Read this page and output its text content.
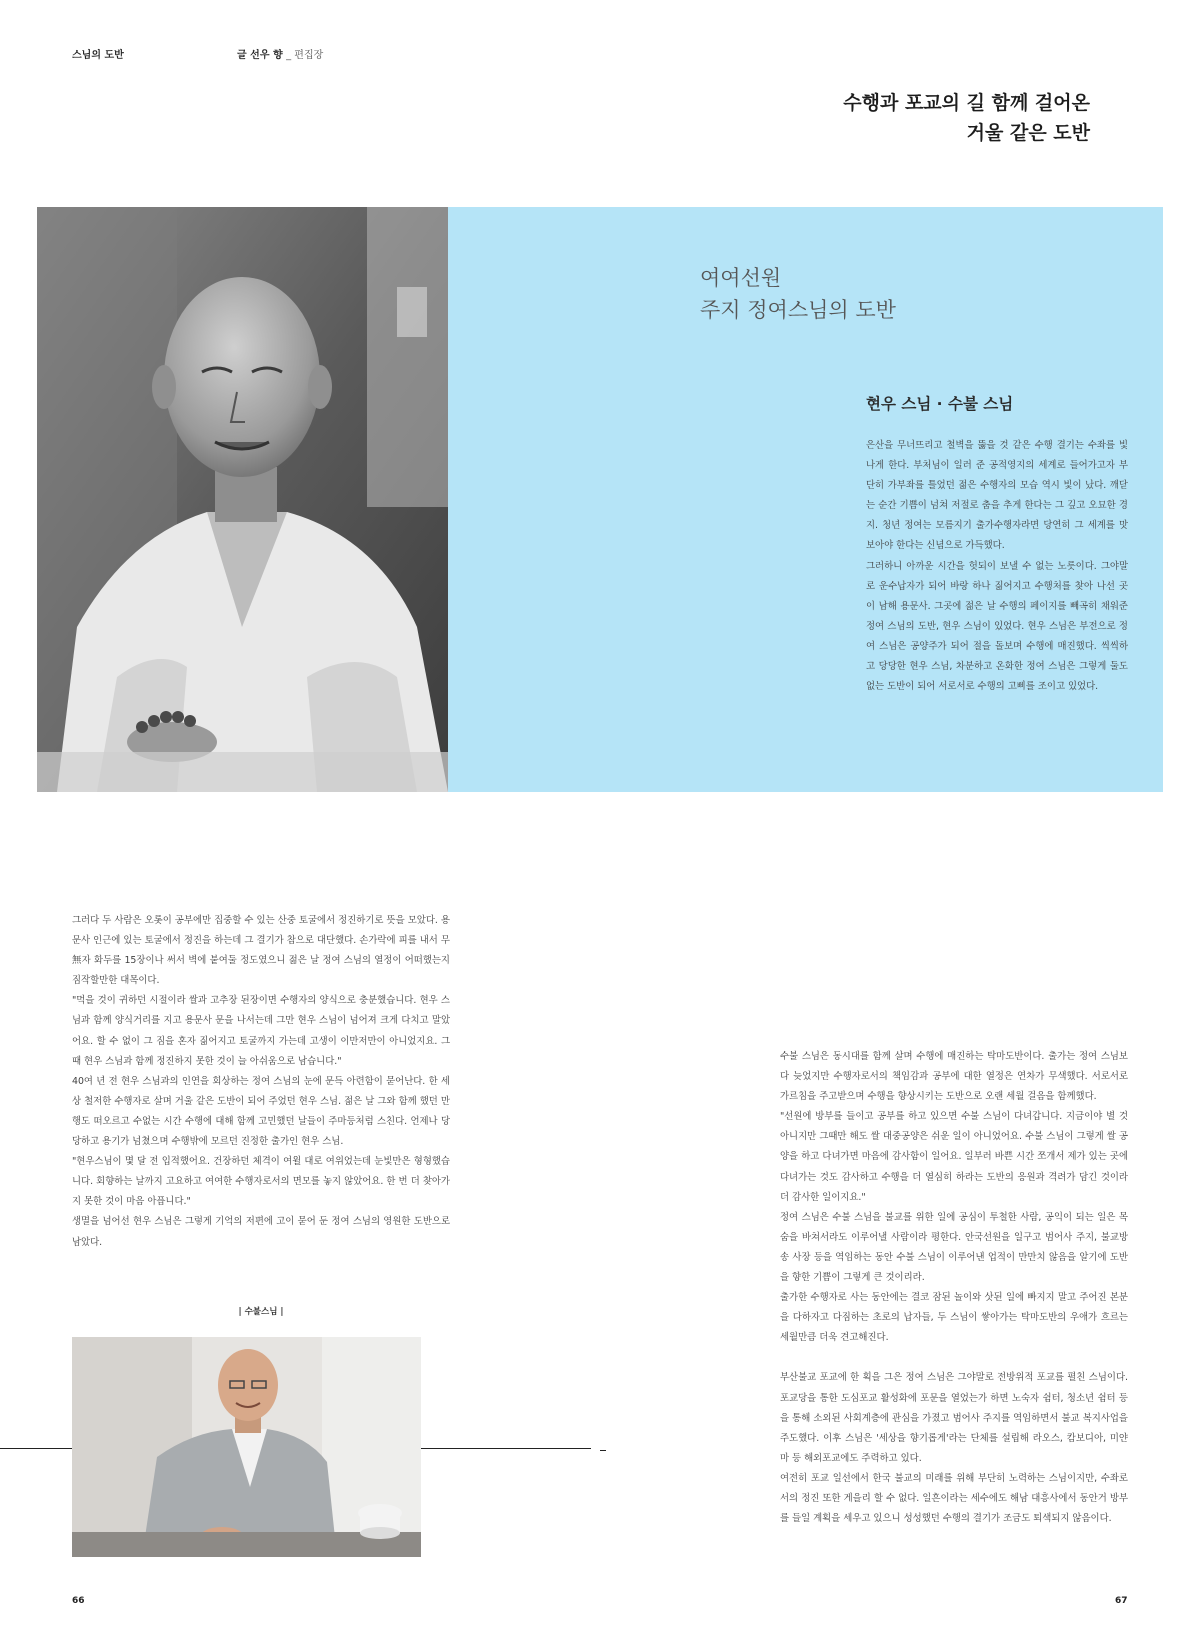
스님의 도반	글 선우 향 _ 편집장
수행과 포교의 길 함께 걸어온
거울 같은 도반
여여선원
주지 정여스님의 도반
현우 스님 · 수불 스님

은산을 무너뜨리고 철벽을 뚫을 것 같은 수행 결기는 수좌를 빛나게 한다. 부처님이 일러 준 공적영지의 세계로 들어가고자 부단히 가부좌를 틀었던 젊은 수행자의 모습 역시 빛이 났다. 깨닫는 순간 기쁨이 넘쳐 저절로 춤을 추게 한다는 그 깊고 오묘한 경지. 청년 정여는 모름지기 출가수행자라면 당연히 그 세계를 맛보아야 한다는 신념으로 가득했다.

그러하니 아까운 시간을 헛되이 보낼 수 없는 노릇이다. 그야말로 운수납자가 되어 바랑 하나 짊어지고 수행처를 찾아 나선 곳이 남해 용문사. 그곳에 젊은 날 수행의 페이지를 빼곡히 채워준 정여 스님의 도반, 현우 스님이 있었다. 현우 스님은 부전으로 정여 스님은 공양주가 되어 절을 돌보며 수행에 매진했다. 씩씩하고 당당한 현우 스님, 차분하고 온화한 정여 스님은 그렇게 둘도 없는 도반이 되어 서로서로 수행의 고삐를 조이고 있었다.

그러다 두 사람은 오롯이 공부에만 집중할 수 있는 산중 토굴에서 정진하기로 뜻을 모았다. 용문사 인근에 있는 토굴에서 정진을 하는데 그 결기가 참으로 대단했다. 손가락에 피를 내서 무無자 화두를 15장이나 써서 벽에 붙여둘 정도였으니 젊은 날 정여 스님의 열정이 어떠했는지 짐작할만한 대목이다.

"먹을 것이 귀하던 시절이라 쌀과 고추장 된장이면 수행자의 양식으로 충분했습니다. 현우 스님과 함께 양식거리를 지고 용문사 문을 나서는데 그만 현우 스님이 넘어져 크게 다치고 말았어요. 할 수 없이 그 짐을 혼자 짊어지고 토굴까지 가는데 고생이 이만저만이 아니었지요. 그때 현우 스님과 함께 정진하지 못한 것이 늘 아쉬움으로 남습니다."

40여 년 전 현우 스님과의 인연을 회상하는 정여 스님의 눈에 문득 아련함이 묻어난다. 한 세상 철저한 수행자로 살며 거울 같은 도반이 되어 주었던 현우 스님. 젊은 날 그와 함께 했던 만행도 떠오르고 수없는 시간 수행에 대해 함께 고민했던 날들이 주마등처럼 스친다. 언제나 당당하고 용기가 넘쳤으며 수행밖에 모르던 진정한 출가인 현우 스님.

"현우스님이 몇 달 전 입적했어요. 건장하던 체격이 여윌 대로 여위었는데 눈빛만은 형형했습니다. 회향하는 날까지 고요하고 여여한 수행자로서의 면모를 놓지 않았어요. 한 번 더 찾아가지 못한 것이 마음 아픕니다."

생멸을 넘어선 현우 스님은 그렇게 기억의 저편에 고이 묻어 둔 정여 스님의 영원한 도반으로 남았다.

| 수불스님 |

수불 스님은 동시대를 함께 살며 수행에 매진하는 탁마도반이다. 출가는 정여 스님보다 늦었지만 수행자로서의 책임감과 공부에 대한 열정은 연차가 무색했다. 서로서로 가르침을 주고받으며 수행을 향상시키는 도반으로 오랜 세월 걸음을 함께했다.

"선원에 방부를 들이고 공부를 하고 있으면 수불 스님이 다녀갑니다. 지금이야 별 것 아니지만 그때만 해도 쌀 대중공양은 쉬운 일이 아니었어요. 수불 스님이 그렇게 쌀 공양을 하고 다녀가면 마음에 감사함이 일어요. 일부러 바쁜 시간 쪼개서 제가 있는 곳에 다녀가는 것도 감사하고 수행을 더 열심히 하라는 도반의 응원과 격려가 담긴 것이라 더 감사한 일이지요."

정여 스님은 수불 스님을 불교를 위한 일에 공심이 투철한 사람, 공익이 되는 일은 목숨을 바쳐서라도 이루어낼 사람이라 평한다. 안국선원을 일구고 범어사 주지, 불교방송 사장 등을 역임하는 동안 수불 스님이 이루어낸 업적이 만만치 않음을 알기에 도반을 향한 기쁨이 그렇게 큰 것이리라.

출가한 수행자로 사는 동안에는 결코 잠된 놀이와 삿된 일에 빠지지 말고 주어진 본분을 다하자고 다짐하는 초로의 납자들, 두 스님이 쌓아가는 탁마도반의 우애가 흐르는 세월만큼 더욱 견고해진다.

부산불교 포교에 한 획을 그은 정여 스님은 그야말로 전방위적 포교를 펼친 스님이다. 포교당을 통한 도심포교 활성화에 포문을 열었는가 하면 노숙자 쉼터, 청소년 쉼터 등을 통해 소외된 사회계층에 관심을 가졌고 범어사 주지를 역임하면서 불교 복지사업을 주도했다. 이후 스님은 '세상을 향기롭게'라는 단체를 설립해 라오스, 캄보디아, 미얀마 등 해외포교에도 주력하고 있다.

여전히 포교 일선에서 한국 불교의 미래를 위해 부단히 노력하는 스님이지만, 수좌로서의 정진 또한 게을리 할 수 없다. 일흔이라는 세수에도 해남 대흥사에서 동안거 방부를 들일 계획을 세우고 있으니 성성했던 수행의 결기가 조금도 퇴색되지 않음이다.

66	67
